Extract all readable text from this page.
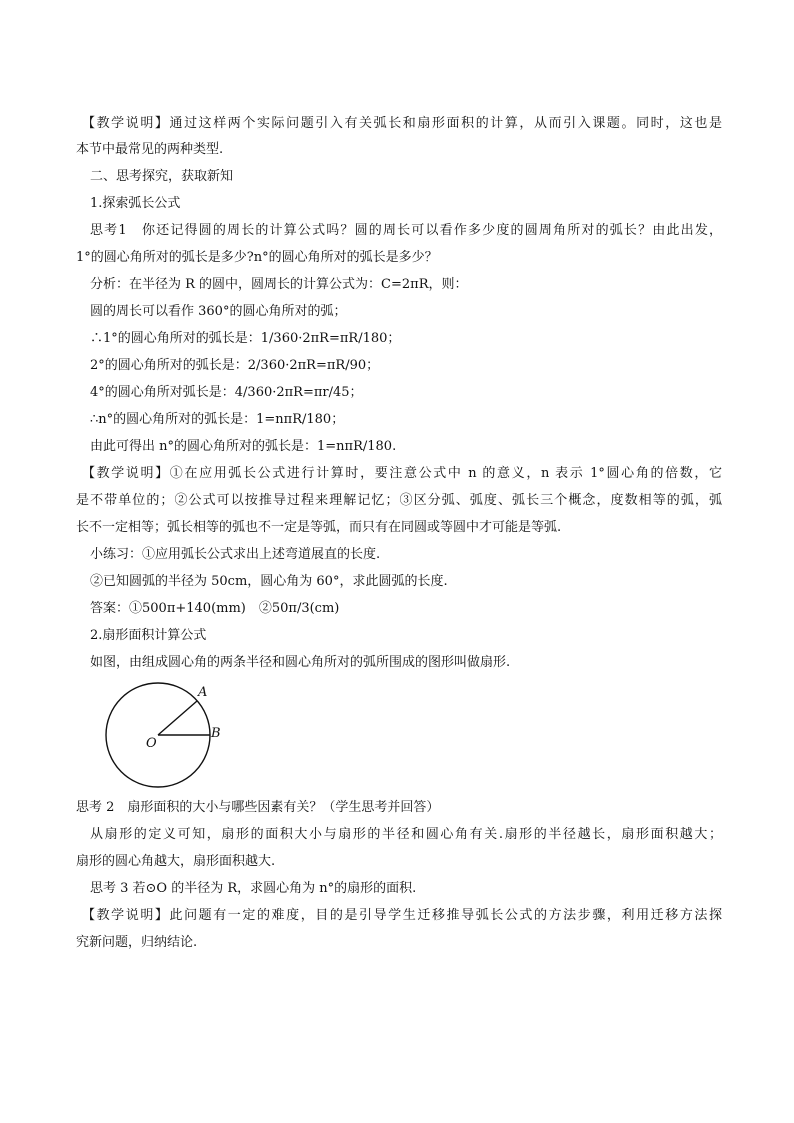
【教学说明】通过这样两个实际问题引入有关弧长和扇形面积的计算，从而引入课题。同时，这也是
本节中最常见的两种类型.
二、思考探究，获取新知
1.探索弧长公式
思考1　你还记得圆的周长的计算公式吗？圆的周长可以看作多少度的圆周角所对的弧长？由此出发，
1°的圆心角所对的弧长是多少?n°的圆心角所对的弧长是多少？
分析：在半径为 R 的圆中，圆周长的计算公式为：C=2πR，则：
圆的周长可以看作 360°的圆心角所对的弧；
∴1°的圆心角所对的弧长是：1/360·2πR=πR/180；
2°的圆心角所对的弧长是：2/360·2πR=πR/90；
4°的圆心角所对弧长是：4/360·2πR=πr/45；
∴n°的圆心角所对的弧长是：1=nπR/180；
由此可得出 n°的圆心角所对的弧长是：1=nπR/180.
【教学说明】①在应用弧长公式进行计算时，要注意公式中 n 的意义，n 表示 1°圆心角的倍数，它
是不带单位的；②公式可以按推导过程来理解记忆；③区分弧、弧度、弧长三个概念，度数相等的弧，弧
长不一定相等；弧长相等的弧也不一定是等弧，而只有在同圆或等圆中才可能是等弧.
小练习：①应用弧长公式求出上述弯道展直的长度.
②已知圆弧的半径为 50cm，圆心角为 60°，求此圆弧的长度.
答案：①500π+140(mm)　②50π/3(cm)
2.扇形面积计算公式
如图，由组成圆心角的两条半径和圆心角所对的弧所围成的图形叫做扇形.
A
B
O
思考 2　扇形面积的大小与哪些因素有关？（学生思考并回答）
从扇形的定义可知，扇形的面积大小与扇形的半径和圆心角有关.扇形的半径越长，扇形面积越大；
扇形的圆心角越大，扇形面积越大.
思考 3 若⊙O 的半径为 R，求圆心角为 n°的扇形的面积.
【教学说明】此问题有一定的难度，目的是引导学生迁移推导弧长公式的方法步骤，利用迁移方法探
究新问题，归纳结论.
